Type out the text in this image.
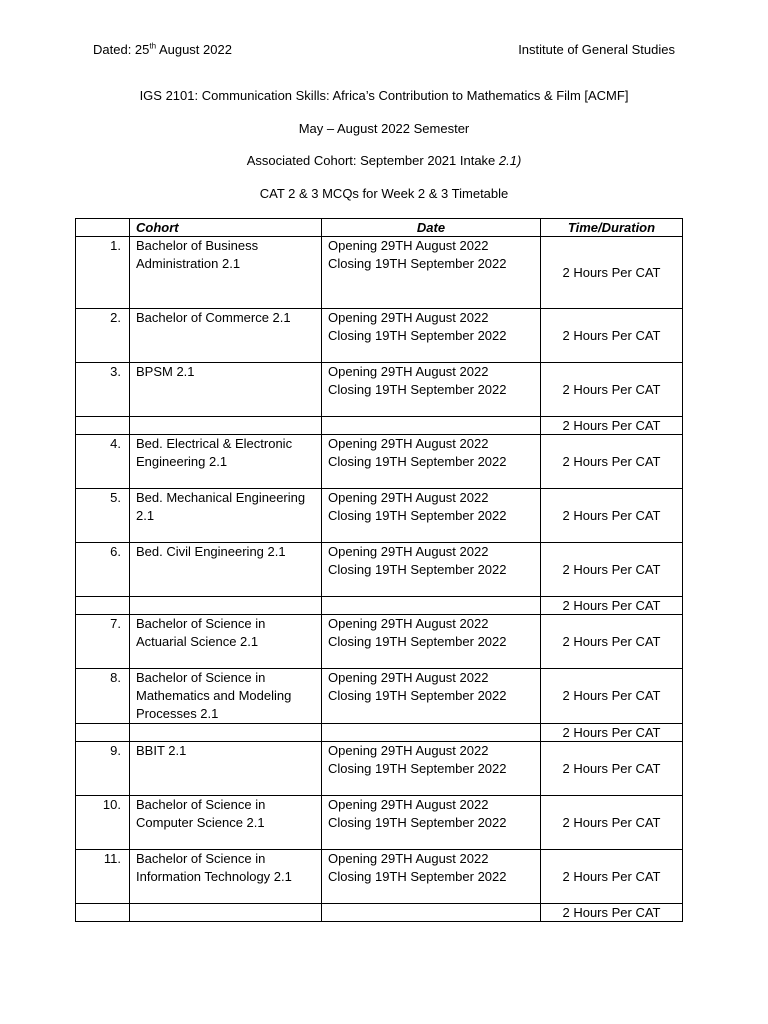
Dated: 25th August 2022	Institute of General Studies
IGS 2101: Communication Skills: Africa’s Contribution to Mathematics & Film [ACMF]
May – August 2022 Semester
Associated Cohort: September 2021 Intake 2.1)
CAT 2 & 3 MCQs for Week 2 & 3 Timetable
	Cohort	Date	Time/Duration
1.	Bachelor of Business Administration 2.1	Opening 29TH August 2022
Closing 19TH September 2022	2 Hours Per CAT
2.	Bachelor of Commerce 2.1	Opening 29TH August 2022
Closing 19TH September 2022	2 Hours Per CAT
3.	BPSM 2.1	Opening 29TH August 2022
Closing 19TH September 2022	2 Hours Per CAT
			2 Hours Per CAT
4.	Bed. Electrical & Electronic Engineering 2.1	Opening 29TH August 2022
Closing 19TH September 2022	2 Hours Per CAT
5.	Bed. Mechanical Engineering 2.1	Opening 29TH August 2022
Closing 19TH September 2022	2 Hours Per CAT
6.	Bed. Civil Engineering 2.1	Opening 29TH August 2022
Closing 19TH September 2022	2 Hours Per CAT
			2 Hours Per CAT
7.	Bachelor of Science in Actuarial Science 2.1	Opening 29TH August 2022
Closing 19TH September 2022	2 Hours Per CAT
8.	Bachelor of Science in Mathematics and Modeling Processes 2.1	Opening 29TH August 2022
Closing 19TH September 2022	2 Hours Per CAT
			2 Hours Per CAT
9.	BBIT 2.1	Opening 29TH August 2022
Closing 19TH September 2022	2 Hours Per CAT
10.	Bachelor of Science in Computer Science 2.1	Opening 29TH August 2022
Closing 19TH September 2022	2 Hours Per CAT
11.	Bachelor of Science in Information Technology 2.1	Opening 29TH August 2022
Closing 19TH September 2022	2 Hours Per CAT
			2 Hours Per CAT
